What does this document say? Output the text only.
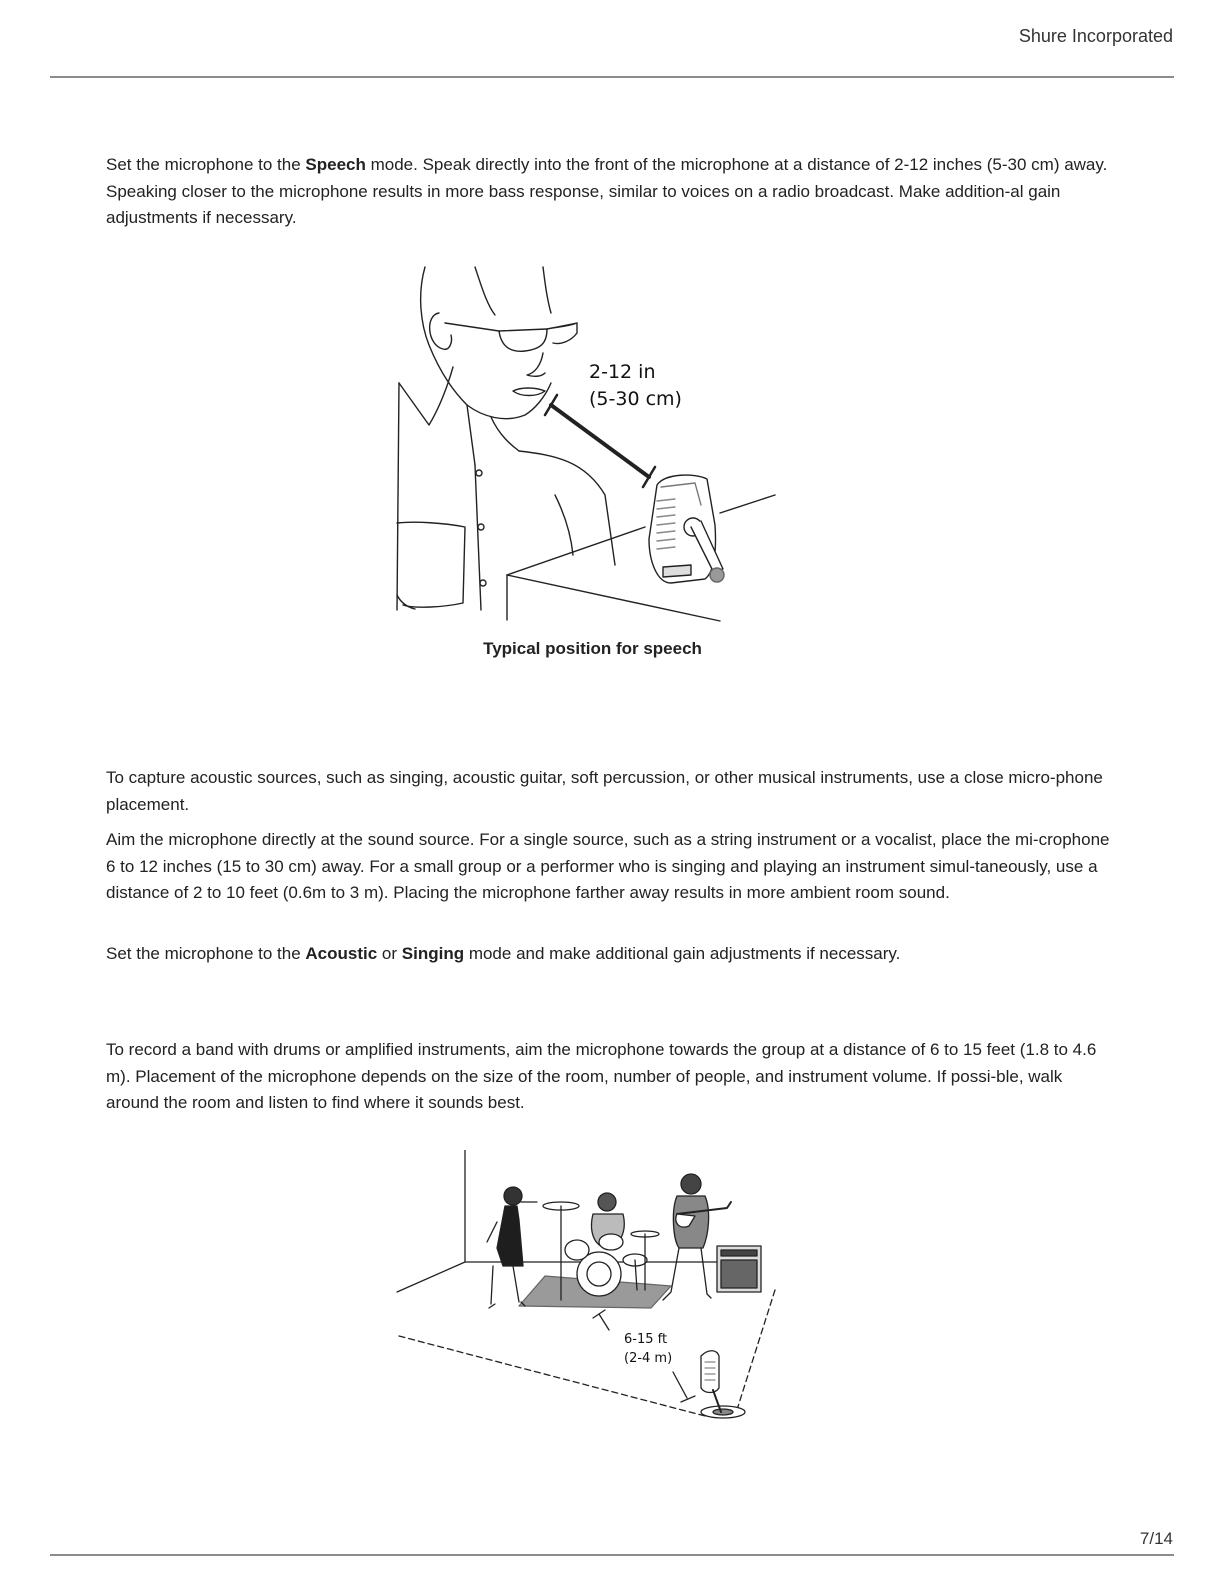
Shure Incorporated

Set the microphone to the Speech mode. Speak directly into the front of the microphone at a distance of 2-12 inches (5-30 cm) away. Speaking closer to the microphone results in more bass response, similar to voices on a radio broadcast. Make addition-al gain adjustments if necessary.

2-12 in
(5-30 cm)
Typical position for speech

To capture acoustic sources, such as singing, acoustic guitar, soft percussion, or other musical instruments, use a close micro-phone placement.

Aim the microphone directly at the sound source. For a single source, such as a string instrument or a vocalist, place the mi-crophone 6 to 12 inches (15 to 30 cm) away. For a small group or a performer who is singing and playing an instrument simul-taneously, use a distance of 2 to 10 feet (0.6m to 3 m). Placing the microphone farther away results in more ambient room sound.

Set the microphone to the Acoustic or Singing mode and make additional gain adjustments if necessary.

To record a band with drums or amplified instruments, aim the microphone towards the group at a distance of 6 to 15 feet (1.8 to 4.6 m). Placement of the microphone depends on the size of the room, number of people, and instrument volume. If possi-ble, walk around the room and listen to find where it sounds best.

6-15 ft
(2-4 m)
7/14
